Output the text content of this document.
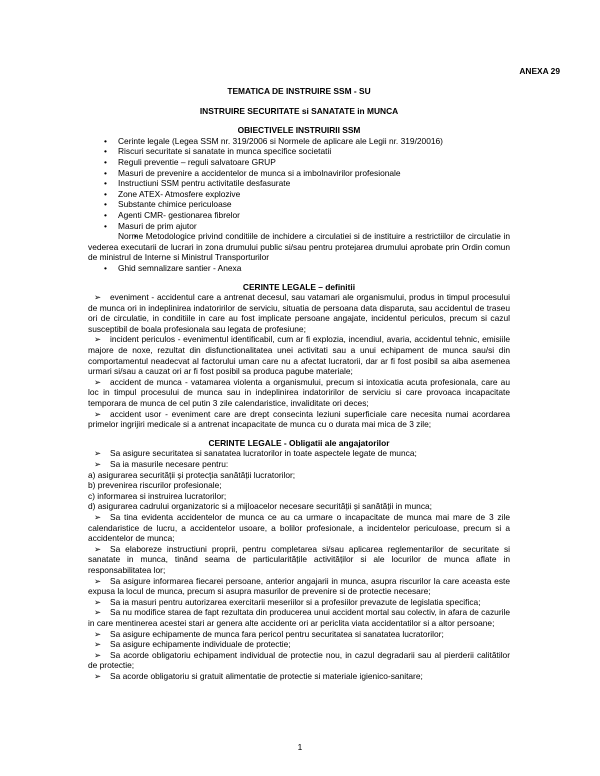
ANEXA 29

TEMATICA DE INSTRUIRE SSM - SU

INSTRUIRE SECURITATE si SANATATE in MUNCA

OBIECTIVELE INSTRUIRII SSM

• Cerinte legale (Legea SSM nr. 319/2006 si Normele de aplicare ale Legii nr. 319/20016)
• Riscuri securitate si sanatate in munca specifice societatii
• Reguli preventie – reguli salvatoare GRUP
• Masuri de prevenire a accidentelor de munca si a imbolnavirilor profesionale
• Instructiuni SSM pentru activitatile desfasurate
• Zone ATEX- Atmosfere explozive
• Substante chimice periculoase
• Agenti CMR- gestionarea fibrelor
• Masuri de prim ajutor
• Norme Metodologice privind conditiile de inchidere a circulatiei si de instituire a restrictiilor de circulatie in vederea executarii de lucrari in zona drumului public si/sau pentru protejarea drumului aprobate prin Ordin comun de ministrul de Interne si Ministrul Transporturilor
• Ghid semnalizare santier - Anexa

CERINTE LEGALE – definitii

➢ eveniment - accidentul care a antrenat decesul, sau vatamari ale organismului, produs in timpul procesului de munca ori in indeplinirea indatoririlor de serviciu, situatia de persoana data disparuta, sau accidentul de traseu ori de circulatie, in conditiile in care au fost implicate persoane angajate, incidentul periculos, precum si cazul susceptibil de boala profesionala sau legata de profesiune;
➢ incident periculos - evenimentul identificabil, cum ar fi explozia, incendiul, avaria, accidentul tehnic, emisiile majore de noxe, rezultat din disfunctionalitatea unei activitati sau a unui echipament de munca sau/si din comportamentul neadecvat al factorului uman care nu a afectat lucratorii, dar ar fi fost posibil sa aiba asemenea urmari si/sau a cauzat ori ar fi fost posibil sa produca pagube materiale;
➢ accident de munca - vatamarea violenta a organismului, precum si intoxicatia acuta profesionala, care au loc in timpul procesului de munca sau in indeplinirea indatoririlor de serviciu si care provoaca incapacitate temporara de munca de cel putin 3 zile calendaristice, invaliditate ori deces;
➢ accident usor - eveniment care are drept consecinta leziuni superficiale care necesita numai acordarea primelor ingrijiri medicale si a antrenat incapacitate de munca cu o durata mai mica de 3 zile;

CERINTE LEGALE - Obligatii ale angajatorilor

➢ Sa asigure securitatea si sanatatea lucratorilor in toate aspectele legate de munca;
➢ Sa ia masurile necesare pentru:
a) asigurarea securității și protecția sanătății lucratorilor;
b) prevenirea riscurilor profesionale;
c) informarea si instruirea lucratorilor;
d) asigurarea cadrului organizatoric si a mijloacelor necesare securității și sanătății in munca;
➢ Sa tina evidenta accidentelor de munca ce au ca urmare o incapacitate de munca mai mare de 3 zile calendaristice de lucru, a accidentelor usoare, a bolilor profesionale, a incidentelor periculoase, precum si a accidentelor de munca;
➢ Sa elaboreze instructiuni proprii, pentru completarea si/sau aplicarea reglementarilor de securitate si sanatate in munca, tinând seama de particularitățile activităților si ale locurilor de munca aflate in responsabilitatea lor;
➢ Sa asigure informarea fiecarei persoane, anterior angajarii in munca, asupra riscurilor la care aceasta este expusa la locul de munca, precum si asupra masurilor de prevenire si de protectie necesare;
➢ Sa ia masuri pentru autorizarea exercitarii meseriilor si a profesiilor prevazute de legislatia specifica;
➢ Sa nu modifice starea de fapt rezultata din producerea unui accident mortal sau colectiv, in afara de cazurile in care mentinerea acestei stari ar genera alte accidente ori ar periclita viata accidentatilor si a altor persoane;
➢ Sa asigure echipamente de munca fara pericol pentru securitatea si sanatatea lucratorilor;
➢ Sa asigure echipamente individuale de protectie;
➢ Sa acorde obligatoriu echipament individual de protectie nou, in cazul degradarii sau al pierderii calitătilor de protectie;
➢ Sa acorde obligatoriu si gratuit alimentatie de protectie si materiale igienico-sanitare;
1
